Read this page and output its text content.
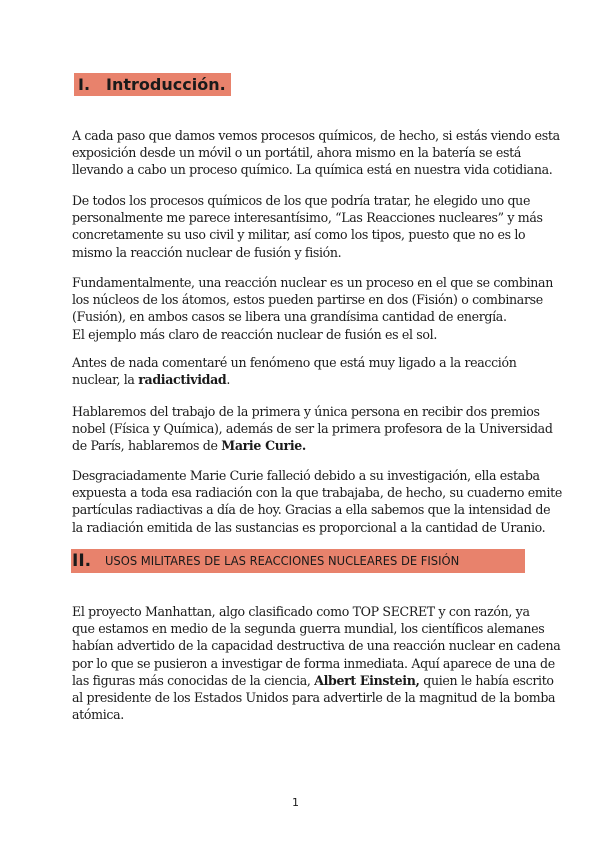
I. Introducción.

A cada paso que damos vemos procesos químicos, de hecho, si estás viendo esta
exposición desde un móvil o un portátil, ahora mismo en la batería se está
llevando a cabo un proceso químico. La química está en nuestra vida cotidiana.

De todos los procesos químicos de los que podría tratar, he elegido uno que
personalmente me parece interesantísimo, “Las Reacciones nucleares” y más
concretamente su uso civil y militar, así como los tipos, puesto que no es lo
mismo la reacción nuclear de fusión y fisión.

Fundamentalmente, una reacción nuclear es un proceso en el que se combinan
los núcleos de los átomos, estos pueden partirse en dos (Fisión) o combinarse
(Fusión), en ambos casos se libera una grandísima cantidad de energía.
El ejemplo más claro de reacción nuclear de fusión es el sol.

Antes de nada comentaré un fenómeno que está muy ligado a la reacción
nuclear, la radiactividad.

Hablaremos del trabajo de la primera y única persona en recibir dos premios
nobel (Física y Química), además de ser la primera profesora de la Universidad
de París, hablaremos de Marie Curie.

Desgraciadamente Marie Curie falleció debido a su investigación, ella estaba
expuesta a toda esa radiación con la que trabajaba, de hecho, su cuaderno emite
partículas radiactivas a día de hoy. Gracias a ella sabemos que la intensidad de
la radiación emitida de las sustancias es proporcional a la cantidad de Uranio.

II. USOS MILITARES DE LAS REACCIONES NUCLEARES DE FISIÓN

El proyecto Manhattan, algo clasificado como TOP SECRET y con razón, ya
que estamos en medio de la segunda guerra mundial, los científicos alemanes
habían advertido de la capacidad destructiva de una reacción nuclear en cadena
por lo que se pusieron a investigar de forma inmediata. Aquí aparece de una de
las figuras más conocidas de la ciencia, Albert Einstein, quien le había escrito
al presidente de los Estados Unidos para advertirle de la magnitud de la bomba
atómica.

1
